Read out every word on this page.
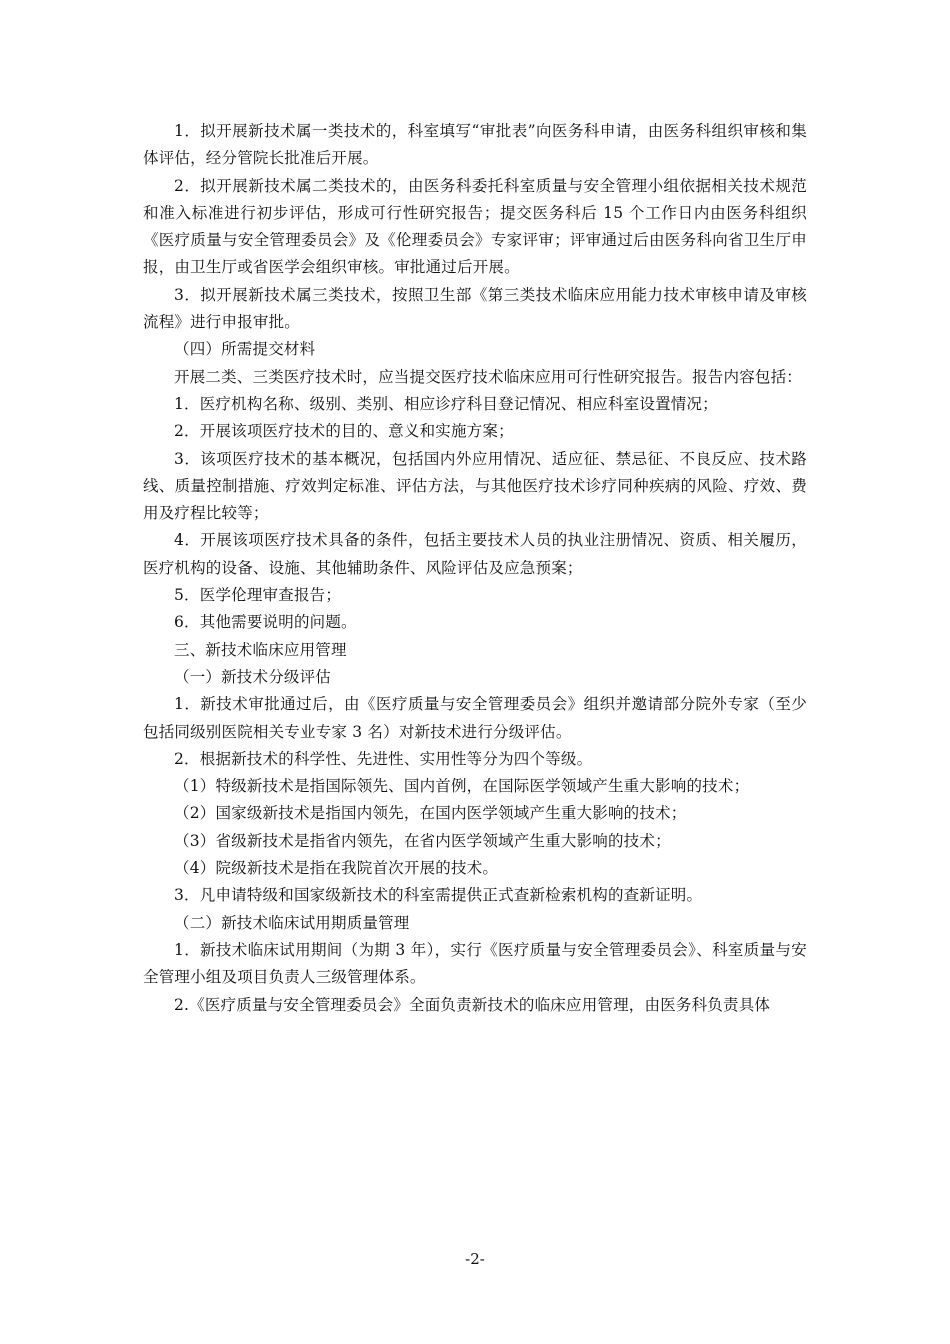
1．拟开展新技术属一类技术的，科室填写“审批表”向医务科申请，由医务科组织审核和集体评估，经分管院长批准后开展。

2．拟开展新技术属二类技术的，由医务科委托科室质量与安全管理小组依据相关技术规范和准入标准进行初步评估，形成可行性研究报告；提交医务科后 15 个工作日内由医务科组织《医疗质量与安全管理委员会》及《伦理委员会》专家评审；评审通过后由医务科向省卫生厅申报，由卫生厅或省医学会组织审核。审批通过后开展。

3．拟开展新技术属三类技术，按照卫生部《第三类技术临床应用能力技术审核申请及审核流程》进行申报审批。

（四）所需提交材料

开展二类、三类医疗技术时，应当提交医疗技术临床应用可行性研究报告。报告内容包括：

1．医疗机构名称、级别、类别、相应诊疗科目登记情况、相应科室设置情况；

2．开展该项医疗技术的目的、意义和实施方案；

3．该项医疗技术的基本概况，包括国内外应用情况、适应征、禁忌征、不良反应、技术路线、质量控制措施、疗效判定标准、评估方法，与其他医疗技术诊疗同种疾病的风险、疗效、费用及疗程比较等；

4．开展该项医疗技术具备的条件，包括主要技术人员的执业注册情况、资质、相关履历，医疗机构的设备、设施、其他辅助条件、风险评估及应急预案；

5．医学伦理审查报告；

6．其他需要说明的问题。

三、新技术临床应用管理

（一）新技术分级评估

1．新技术审批通过后，由《医疗质量与安全管理委员会》组织并邀请部分院外专家（至少包括同级别医院相关专业专家 3 名）对新技术进行分级评估。

2．根据新技术的科学性、先进性、实用性等分为四个等级。

（1）特级新技术是指国际领先、国内首例，在国际医学领域产生重大影响的技术；

（2）国家级新技术是指国内领先，在国内医学领域产生重大影响的技术；

（3）省级新技术是指省内领先，在省内医学领域产生重大影响的技术；

（4）院级新技术是指在我院首次开展的技术。

3．凡申请特级和国家级新技术的科室需提供正式查新检索机构的查新证明。

（二）新技术临床试用期质量管理

1．新技术临床试用期间（为期 3 年），实行《医疗质量与安全管理委员会》、科室质量与安全管理小组及项目负责人三级管理体系。

2.《医疗质量与安全管理委员会》全面负责新技术的临床应用管理，由医务科负责具体

-2-
